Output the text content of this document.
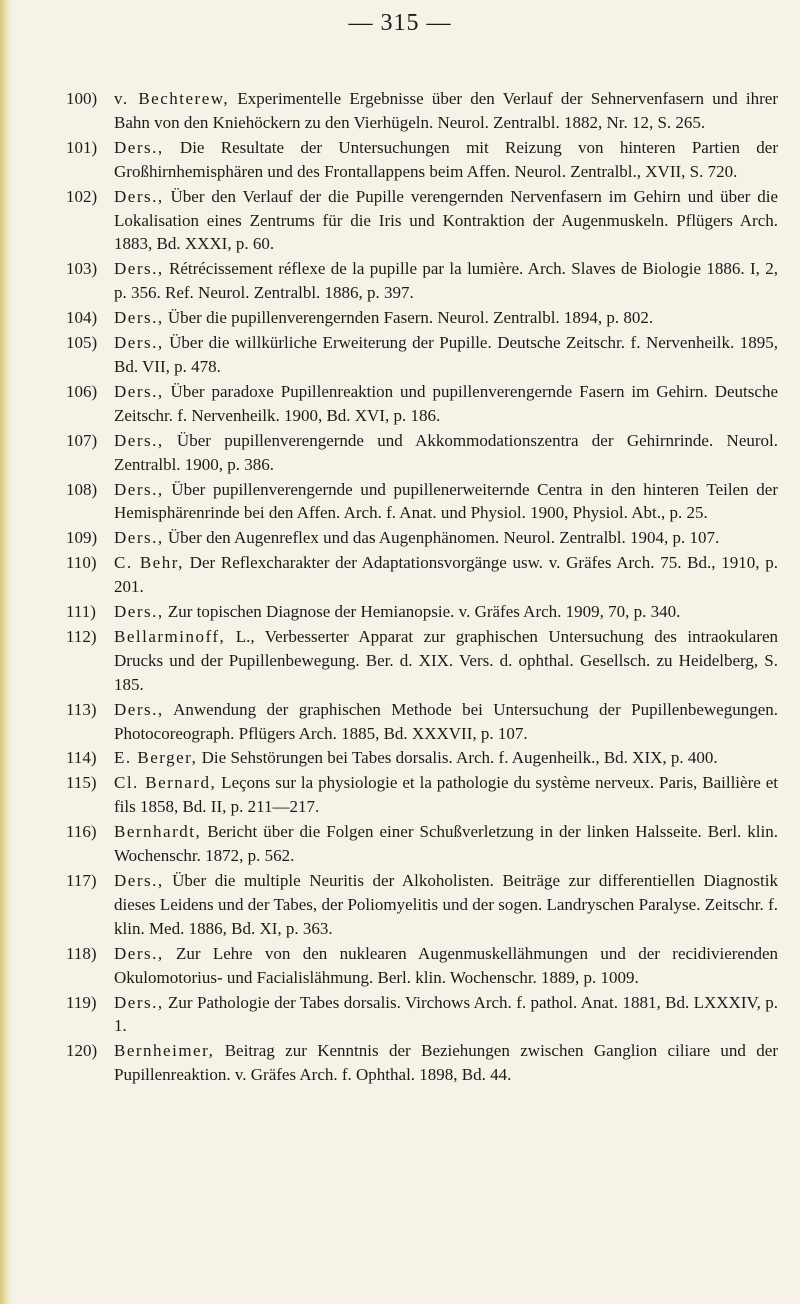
— 315 —
100) v. Bechterew, Experimentelle Ergebnisse über den Verlauf der Sehnervenfasern und ihrer Bahn von den Kniehöckern zu den Vierhügeln. Neurol. Zentralbl. 1882, Nr. 12, S. 265.
101) Ders., Die Resultate der Untersuchungen mit Reizung von hinteren Partien der Großhirnhemisphären und des Frontallappens beim Affen. Neurol. Zentralbl., XVII, S. 720.
102) Ders., Über den Verlauf der die Pupille verengernden Nervenfasern im Gehirn und über die Lokalisation eines Zentrums für die Iris und Kontraktion der Augenmuskeln. Pflügers Arch. 1883, Bd. XXXI, p. 60.
103) Ders., Rétrécissement réflexe de la pupille par la lumière. Arch. Slaves de Biologie 1886. I, 2, p. 356. Ref. Neurol. Zentralbl. 1886, p. 397.
104) Ders., Über die pupillenverengernden Fasern. Neurol. Zentralbl. 1894, p. 802.
105) Ders., Über die willkürliche Erweiterung der Pupille. Deutsche Zeitschr. f. Nervenheilk. 1895, Bd. VII, p. 478.
106) Ders., Über paradoxe Pupillenreaktion und pupillenverengernde Fasern im Gehirn. Deutsche Zeitschr. f. Nervenheilk. 1900, Bd. XVI, p. 186.
107) Ders., Über pupillenverengernde und Akkommodationszentra der Gehirnrinde. Neurol. Zentralbl. 1900, p. 386.
108) Ders., Über pupillenverengernde und pupillenerweiternde Centra in den hinteren Teilen der Hemisphärenrinde bei den Affen. Arch. f. Anat. und Physiol. 1900, Physiol. Abt., p. 25.
109) Ders., Über den Augenreflex und das Augenphänomen. Neurol. Zentralbl. 1904, p. 107.
110) C. Behr, Der Reflexcharakter der Adaptationsvorgänge usw. v. Gräfes Arch. 75. Bd., 1910, p. 201.
111) Ders., Zur topischen Diagnose der Hemianopsie. v. Gräfes Arch. 1909, 70, p. 340.
112) Bellarminoff, L., Verbesserter Apparat zur graphischen Untersuchung des intraokularen Drucks und der Pupillenbewegung. Ber. d. XIX. Vers. d. ophthal. Gesellsch. zu Heidelberg, S. 185.
113) Ders., Anwendung der graphischen Methode bei Untersuchung der Pupillenbewegungen. Photocoreograph. Pflügers Arch. 1885, Bd. XXXVII, p. 107.
114) E. Berger, Die Sehstörungen bei Tabes dorsalis. Arch. f. Augenheilk., Bd. XIX, p. 400.
115) Cl. Bernard, Leçons sur la physiologie et la pathologie du système nerveux. Paris, Baillière et fils 1858, Bd. II, p. 211—217.
116) Bernhardt, Bericht über die Folgen einer Schußverletzung in der linken Halsseite. Berl. klin. Wochenschr. 1872, p. 562.
117) Ders., Über die multiple Neuritis der Alkoholisten. Beiträge zur differentiellen Diagnostik dieses Leidens und der Tabes, der Poliomyelitis und der sogen. Landryschen Paralyse. Zeitschr. f. klin. Med. 1886, Bd. XI, p. 363.
118) Ders., Zur Lehre von den nuklearen Augenmuskellähmungen und der recidivierenden Okulomotorius- und Facialislähmung. Berl. klin. Wochenschr. 1889, p. 1009.
119) Ders., Zur Pathologie der Tabes dorsalis. Virchows Arch. f. pathol. Anat. 1881, Bd. LXXXIV, p. 1.
120) Bernheimer, Beitrag zur Kenntnis der Beziehungen zwischen Ganglion ciliare und der Pupillenreaktion. v. Gräfes Arch. f. Ophthal. 1898, Bd. 44.
